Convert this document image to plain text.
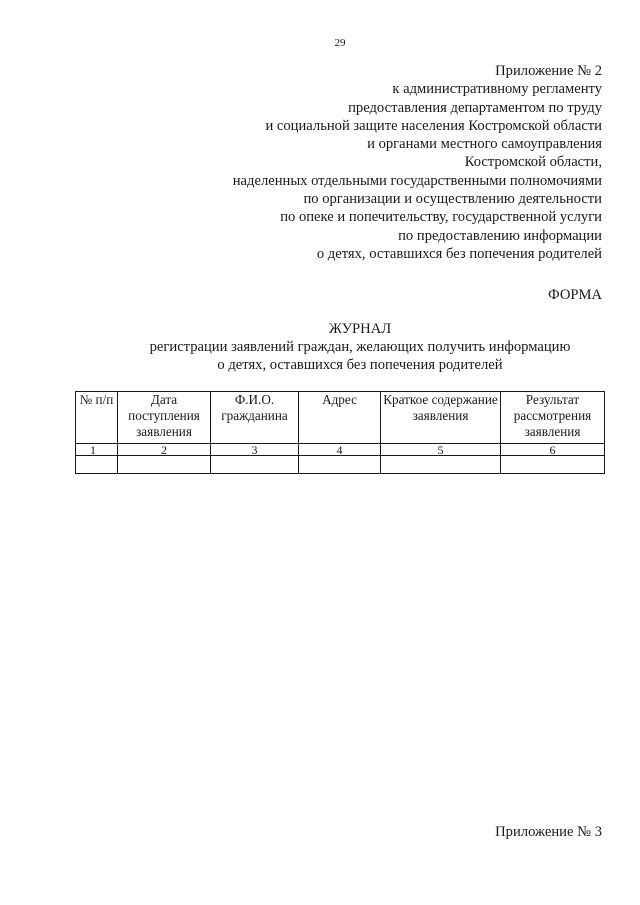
29
Приложение № 2
к административному регламенту
предоставления департаментом по труду
и социальной защите населения Костромской области
и органами местного самоуправления
Костромской области,
наделенных отдельными государственными полномочиями
по организации и осуществлению деятельности
по опеке и попечительству, государственной услуги
по предоставлению информации
о детях, оставшихся без попечения родителей
ФОРМА
ЖУРНАЛ
регистрации заявлений граждан, желающих получить информацию
о детях, оставшихся без попечения родителей
№ п/п	Дата поступления заявления	Ф.И.О. гражданина	Адрес	Краткое содержание заявления	Результат рассмотрения заявления
1	2	3	4	5	6

Приложение № 3
